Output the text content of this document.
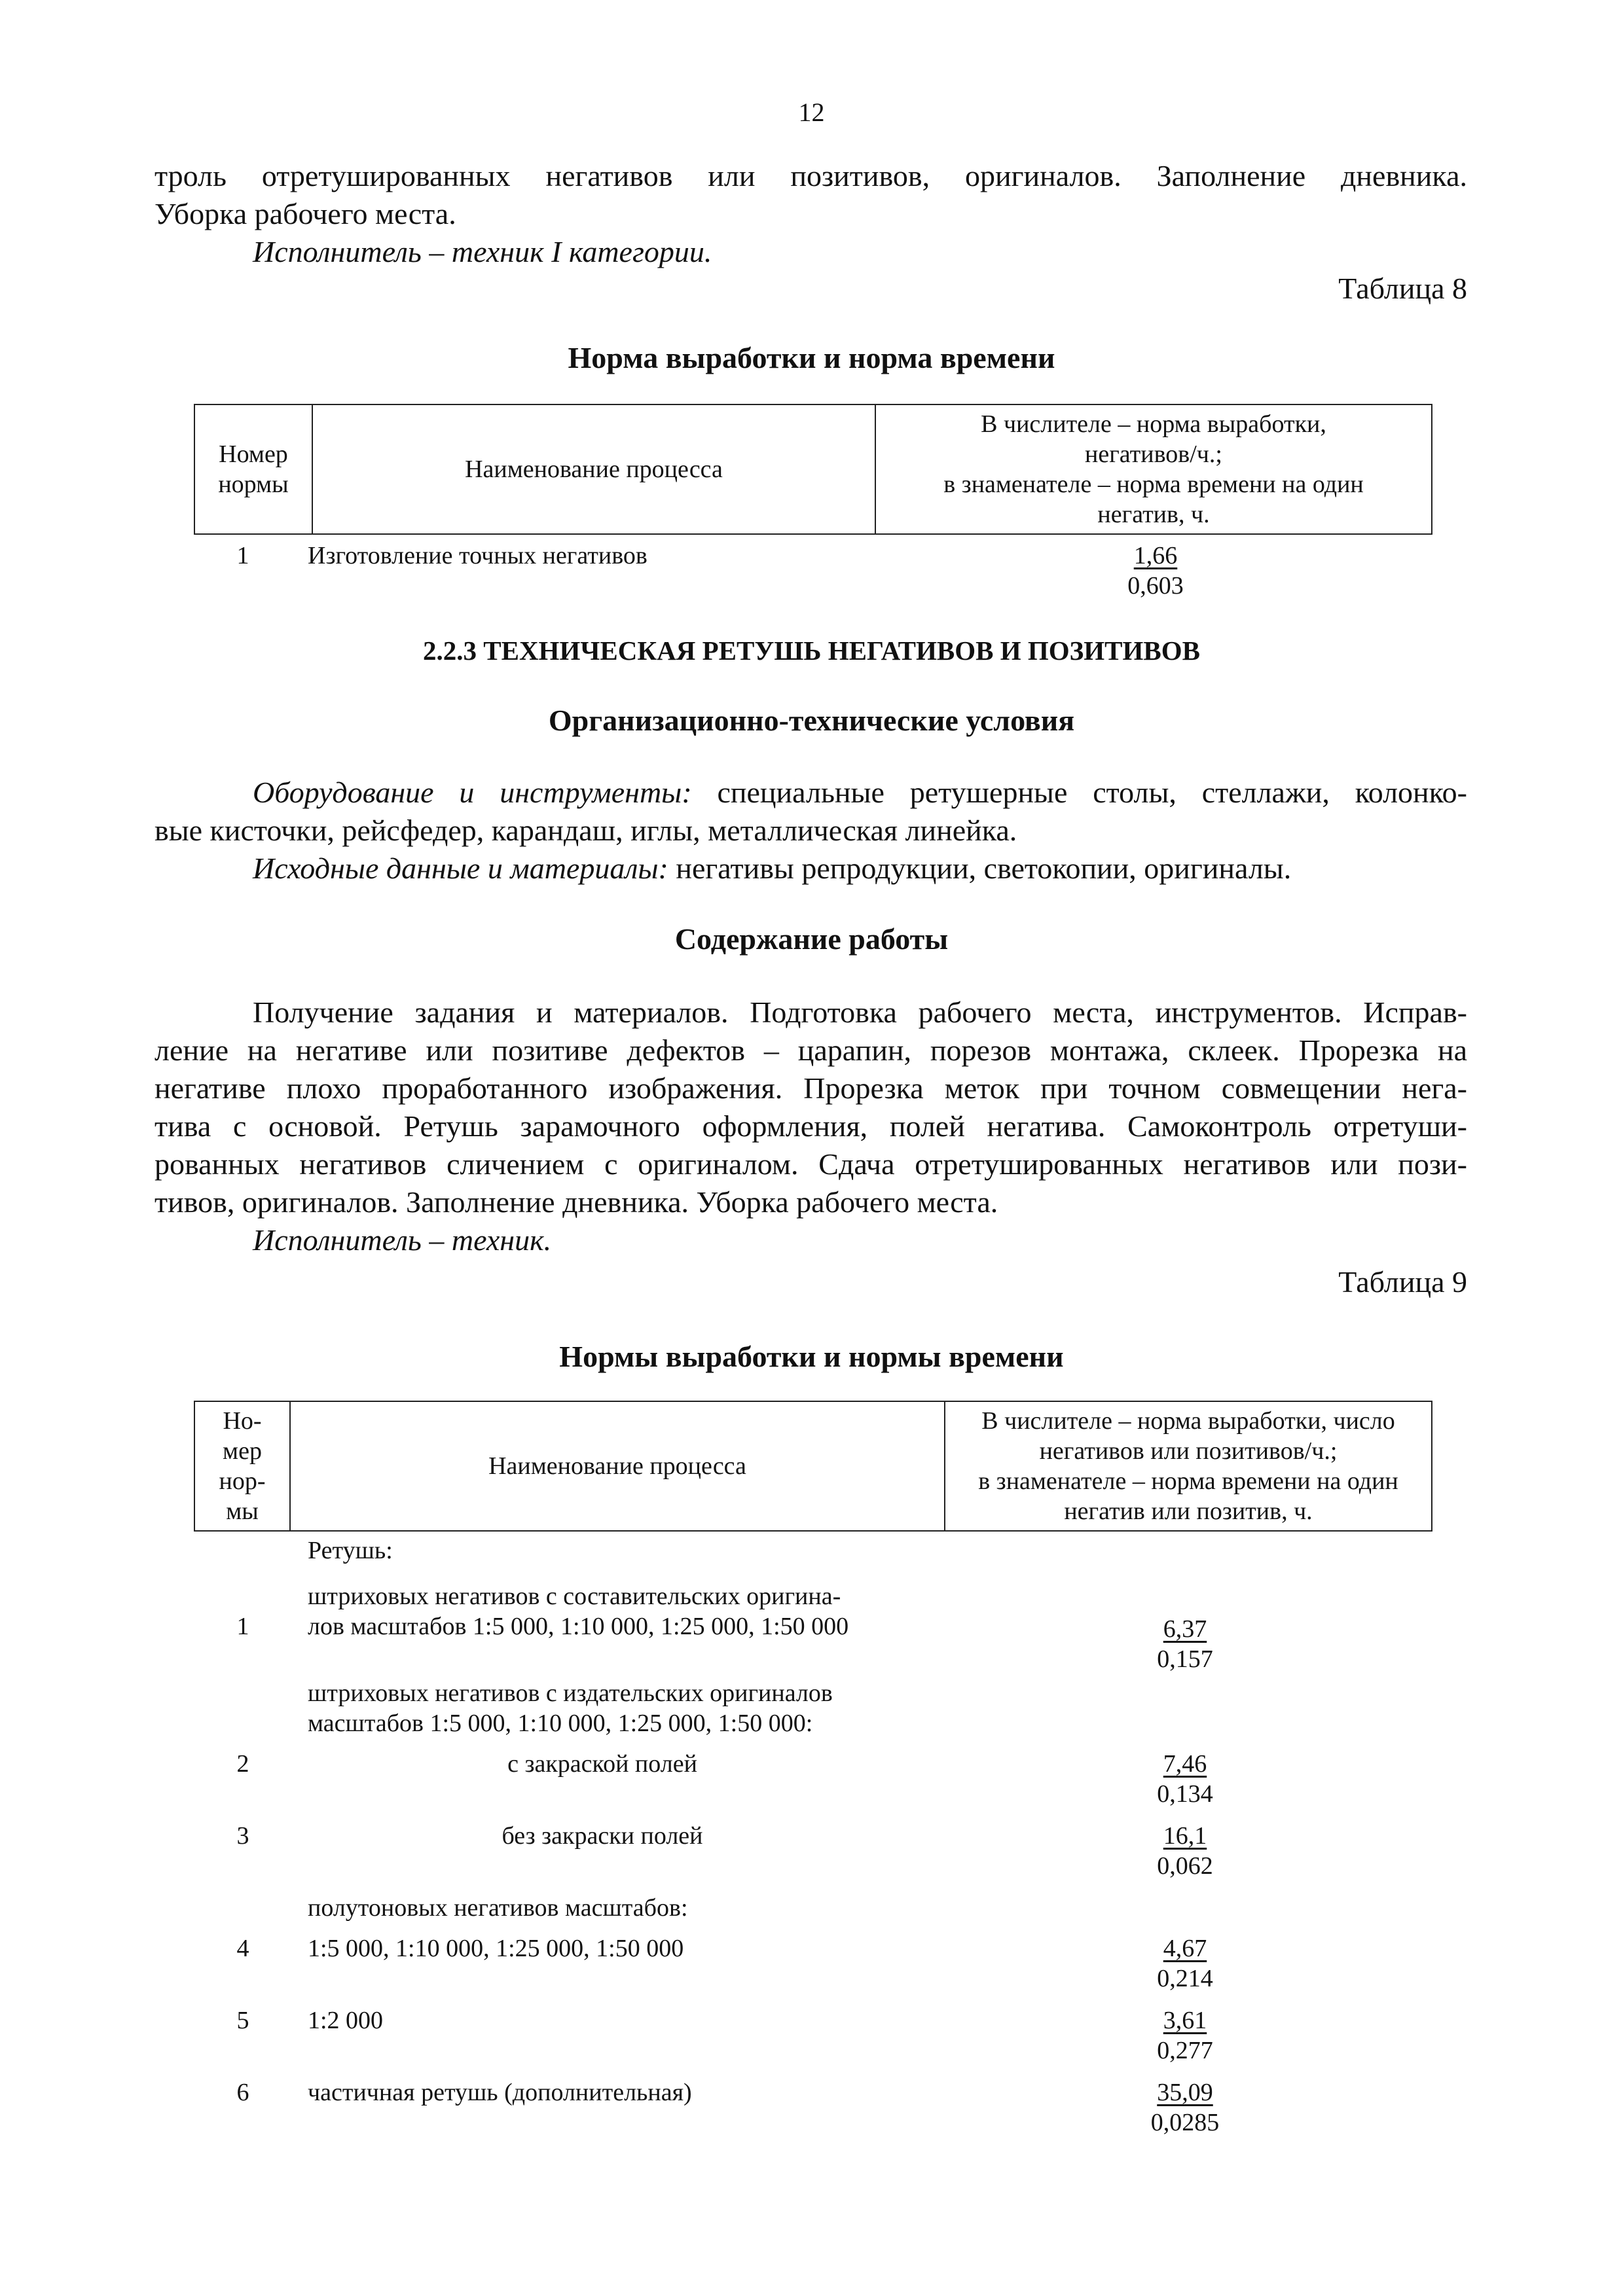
12
троль отретушированных негативов или позитивов, оригиналов. Заполнение дневника.
Уборка рабочего места.
Исполнитель – техник I категории.
Таблица 8
Норма выработки и норма времени
Номер
нормы
	Наименование процесса	
В числителе – норма выработки,
негативов/ч.;
в знаменателе – норма времени на один
негатив, ч.
1	Изготовление точных негативов	$\frac{1,66}{0,603}$
2.2.3 ТЕХНИЧЕСКАЯ РЕТУШЬ НЕГАТИВОВ И ПОЗИТИВОВ
Организационно-технические условия
Оборудование и инструменты: специальные ретушерные столы, стеллажи, колонко-
вые кисточки, рейсфедер, карандаш, иглы, металлическая линейка.
Исходные данные и материалы: негативы репродукции, светокопии, оригиналы.
Содержание работы
Получение задания и материалов. Подготовка рабочего места, инструментов. Исправ-
ление на негативе или позитиве дефектов – царапин, порезов монтажа, склеек. Прорезка на
негативе плохо проработанного изображения. Прорезка меток при точном совмещении нега-
тива с основой. Ретушь зарамочного оформления, полей негатива. Самоконтроль отретуши-
рованных негативов сличением с оригиналом. Сдача отретушированных негативов или пози-
тивов, оригиналов. Заполнение дневника. Уборка рабочего места.
Исполнитель – техник.
Таблица 9
Нормы выработки и нормы времени
Но-
мер
нор-
мы
	Наименование процесса	
В числителе – норма выработки, число
негативов или позитивов/ч.;
в знаменателе – норма времени на один
негатив или позитив, ч.
Ретушь:
штриховых негативов с составительских оригина-
1	лов масштабов 1:5 000, 1:10 000, 1:25 000, 1:50 000	$\frac{6,37}{0,157}$
штриховых негативов с издательских оригиналов
масштабов 1:5 000, 1:10 000, 1:25 000, 1:50 000:
2	с закраской полей	$\frac{7,46}{0,134}$
3	без закраски полей	$\frac{16,1}{0,062}$
полутоновых негативов масштабов:
4	1:5 000, 1:10 000, 1:25 000, 1:50 000	$\frac{4,67}{0,214}$
5	1:2 000	$\frac{3,61}{0,277}$
6	частичная ретушь (дополнительная)	$\frac{35,09}{0,0285}$
